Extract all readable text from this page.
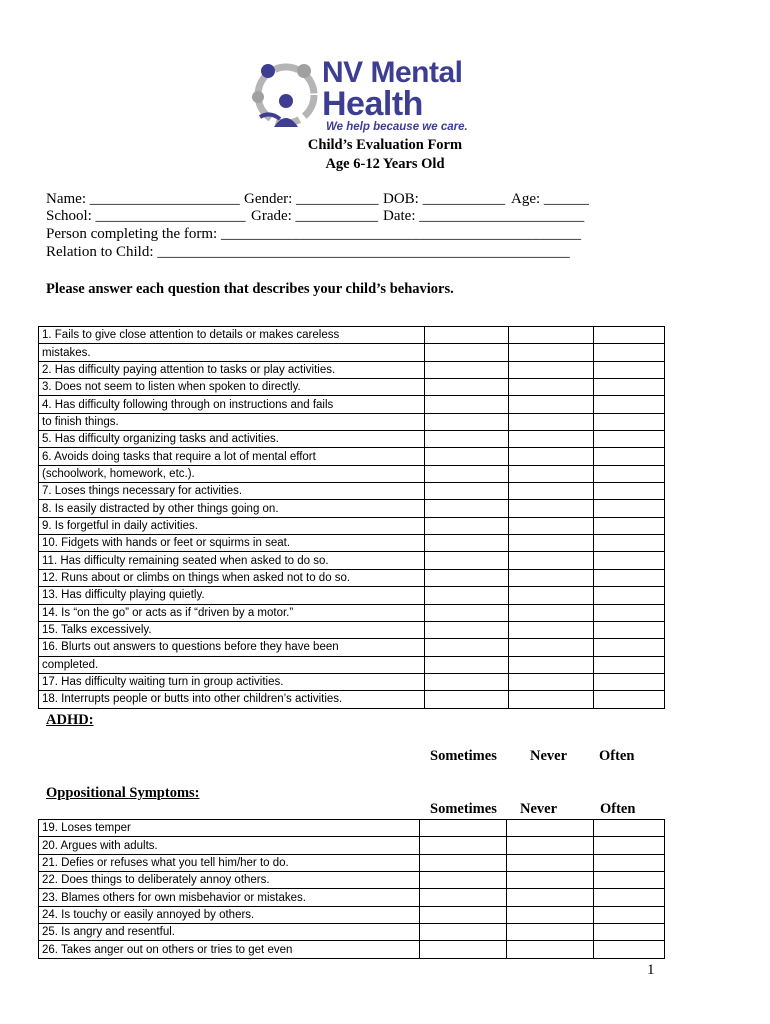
NV Mental
Health
We help because we care.
Child’s Evaluation Form
Age 6-12 Years Old
Name: ____________________ Gender: ___________ DOB: ___________ Age: ______
School: ____________________ Grade: ___________ Date: ______________________
Person completing the form: ________________________________________________
Relation to Child: _______________________________________________________
Please answer each question that describes your child’s behaviors.
1. Fails to give close attention to details or makes careless			
mistakes.			
2. Has difficulty paying attention to tasks or play activities.			
3. Does not seem to listen when spoken to directly.			
4. Has difficulty following through on instructions and fails			
to finish things.			
5. Has difficulty organizing tasks and activities.			
6. Avoids doing tasks that require a lot of mental effort			
(schoolwork, homework, etc.).			
7. Loses things necessary for activities.			
8. Is easily distracted by other things going on.			
9. Is forgetful in daily activities.			
10. Fidgets with hands or feet or squirms in seat.			
11. Has difficulty remaining seated when asked to do so.			
12. Runs about or climbs on things when asked not to do so.			
13. Has difficulty playing quietly.			
14. Is “on the go” or acts as if “driven by a motor.”			
15. Talks excessively.			
16. Blurts out answers to questions before they have been			
completed.			
17. Has difficulty waiting turn in group activities.			
18. Interrupts people or butts into other children’s activities.			
ADHD:
Sometimes Never Often
Oppositional Symptoms:
Sometimes Never	Often
19. Loses temper			
20. Argues with adults.			
21. Defies or refuses what you tell him/her to do.			
22. Does things to deliberately annoy others.			
23. Blames others for own misbehavior or mistakes.			
24. Is touchy or easily annoyed by others.			
25. Is angry and resentful.			
26. Takes anger out on others or tries to get even			
1
